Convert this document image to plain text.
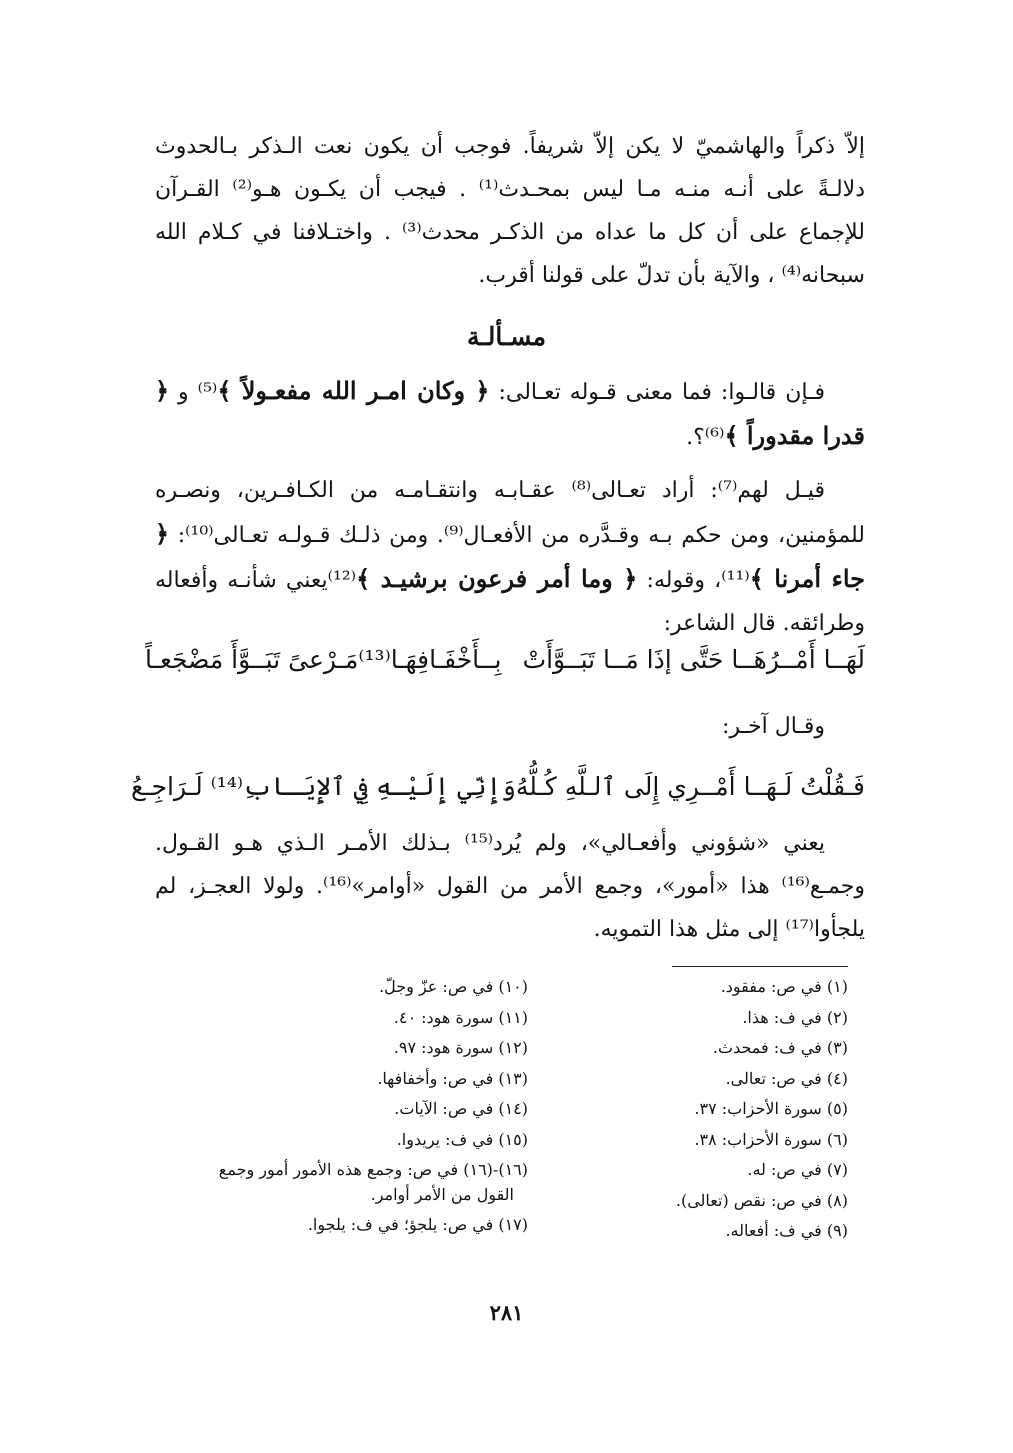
إلاّ ذكراً والهاشميّ لا يكن إلاّ شريفاً. فوجب أن يكون نعت الـذكر بـالحدوث دلالـةً على أنـه منـه مـا ليس بمحـدث⁽¹⁾ . فيجب أن يكـون هـو⁽²⁾ القـرآن للإجماع على أن كل ما عداه من الذكـر محدث⁽³⁾ . واختـلافنا في كـلام الله سبحانه⁽⁴⁾ ، والآية بأن تدلّ على قولنا أقرب.
مسـألـة
فـإن قالـوا: فما معنى قـوله تعـالى: ﴿ وكان امـر الله مفعـولاً ﴾⁽⁵⁾ و ﴿ قدرا مقدوراً ﴾⁽⁶⁾؟.
قيـل لهم⁽⁷⁾: أراد تعـالى⁽⁸⁾ عقـابـه وانتقـامـه من الكـافـرين، ونصـره للمؤمنين، ومن حكم بـه وقـدَّره من الأفعـال⁽⁹⁾. ومن ذلـك قـولـه تعـالى⁽¹⁰⁾: ﴿ جاء أمرنا ﴾⁽¹¹⁾، وقوله: ﴿ وما أمر فرعون برشيـد ﴾⁽¹²⁾يعني شأنـه وأفعاله وطرائقه. قال الشاعر:
لَهَــا أَمْــرُهَــا حَتَّى إذَا مَــا تَبَــوَّأَتْ
بِــأَخْفَـافِهَـا⁽¹³⁾مَـرْعىً تَبَــوَّأَ مَضْجَعـاً
وقـال آخـر:
فَـقُلْتُ لَـهَــا أَمْــرِي إِلَى ٱلـلَّهِ كُـلُّهُ
وَإِنِّي إِلَيْـهِ فِي ٱلإِيَـابِ⁽¹⁴⁾ لَـرَاجِـعُ
يعني «شؤوني وأفعـالي»، ولم يُرد⁽¹⁵⁾ بـذلك الأمـر الـذي هـو القـول. وجمـع⁽¹⁶⁾ هذا «أمور»، وجمع الأمر من القول «أوامر»⁽¹⁶⁾. ولولا العجـز، لم يلجأوا⁽¹⁷⁾ إلى مثل هذا التمويه.
(١) في ص: مفقود.
(٢) في ف: هذا.
(٣) في ف: فمحدث.
(٤) في ص: تعالى.
(٥) سورة الأحزاب: ٣٧.
(٦) سورة الأحزاب: ٣٨.
(٧) في ص: له.
(٨) في ص: نقص (تعالى).
(٩) في ف: أفعاله.
(١٠) في ص: عزّ وجلّ.
(١١) سورة هود: ٤٠.
(١٢) سورة هود: ٩٧.
(١٣) في ص: وأخفافها.
(١٤) في ص: الآيات.
(١٥) في ف: يريدوا.
(١٦)-(١٦) في ص: وجمع هذه الأمور أمور وجمع
القول من الأمر أوامر.
(١٧) في ص: يلجؤ؛ في ف: يلجوا.
٢٨١
